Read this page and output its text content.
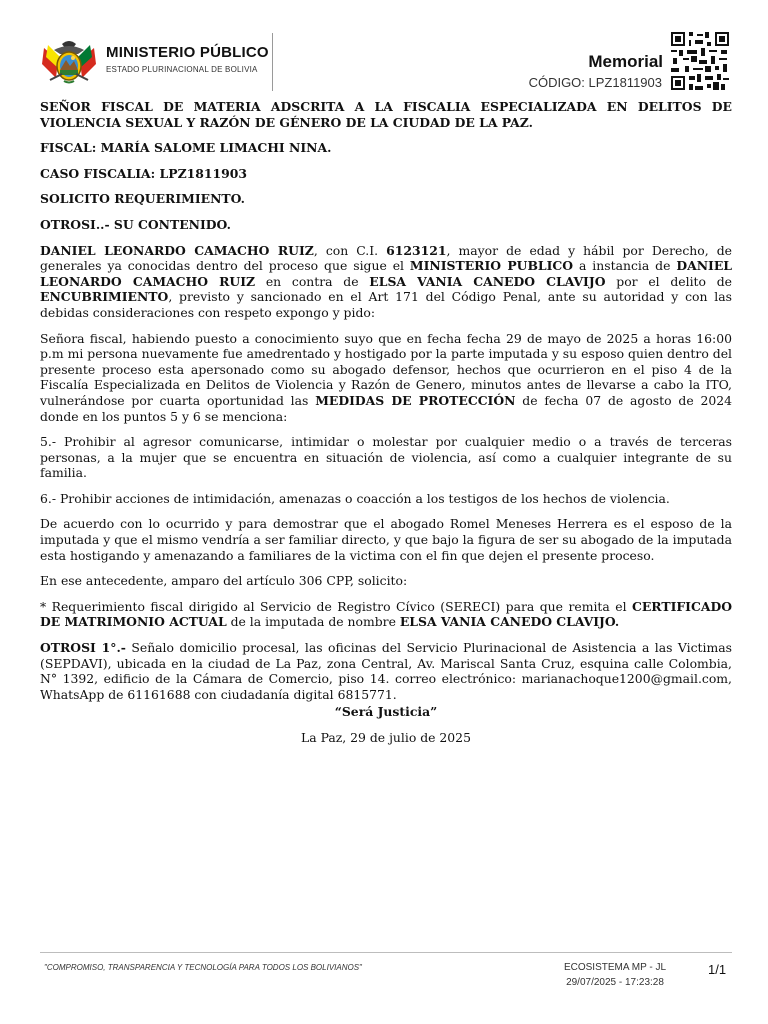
MINISTERIO PÚBLICO
ESTADO PLURINACIONAL DE BOLIVIA	Memorial
CÓDIGO: LPZ1811903

SEÑOR FISCAL DE MATERIA ADSCRITA A LA FISCALIA ESPECIALIZADA EN DELITOS DE VIOLENCIA SEXUAL Y RAZÓN DE GÉNERO DE LA CIUDAD DE LA PAZ.

FISCAL: MARÍA SALOME LIMACHI NINA.

CASO FISCALIA: LPZ1811903

SOLICITO REQUERIMIENTO.

OTROSI..- SU CONTENIDO.

DANIEL LEONARDO CAMACHO RUIZ, con C.I. 6123121, mayor de edad y hábil por Derecho, de generales ya conocidas dentro del proceso que sigue el MINISTERIO PUBLICO a instancia de DANIEL LEONARDO CAMACHO RUIZ en contra de ELSA VANIA CANEDO CLAVIJO por el delito de ENCUBRIMIENTO, previsto y sancionado en el Art 171 del Código Penal, ante su autoridad y con las debidas consideraciones con respeto expongo y pido:

Señora fiscal, habiendo puesto a conocimiento suyo que en fecha fecha 29 de mayo de 2025 a horas 16:00 p.m mi persona nuevamente fue amedrentado y hostigado por la parte imputada y su esposo quien dentro del presente proceso esta apersonado como su abogado defensor, hechos que ocurrieron en el piso 4 de la Fiscalía Especializada en Delitos de Violencia y Razón de Genero, minutos antes de llevarse a cabo la ITO, vulnerándose por cuarta oportunidad las MEDIDAS DE PROTECCIÓN de fecha 07 de agosto de 2024 donde en los puntos 5 y 6 se menciona:

5.- Prohibir al agresor comunicarse, intimidar o molestar por cualquier medio o a través de terceras personas, a la mujer que se encuentra en situación de violencia, así como a cualquier integrante de su familia.

6.- Prohibir acciones de intimidación, amenazas o coacción a los testigos de los hechos de violencia.

De acuerdo con lo ocurrido y para demostrar que el abogado Romel Meneses Herrera es el esposo de la imputada y que el mismo vendría a ser familiar directo, y que bajo la figura de ser su abogado de la imputada esta hostigando y amenazando a familiares de la victima con el fin que dejen el presente proceso.

En ese antecedente, amparo del artículo 306 CPP, solicito:

* Requerimiento fiscal dirigido al Servicio de Registro Cívico (SERECI) para que remita el CERTIFICADO DE MATRIMONIO ACTUAL de la imputada de nombre ELSA VANIA CANEDO CLAVIJO.

OTROSI 1°.- Señalo domicilio procesal, las oficinas del Servicio Plurinacional de Asistencia a las Victimas (SEPDAVI), ubicada en la ciudad de La Paz, zona Central, Av. Mariscal Santa Cruz, esquina calle Colombia, N° 1392, edificio de la Cámara de Comercio, piso 14. correo electrónico: marianachoque1200@gmail.com, WhatsApp de 61161688 con ciudadanía digital 6815771.

“Será Justicia”

La Paz, 29 de julio de 2025

"COMPROMISO, TRANSPARENCIA Y TECNOLOGÍA PARA TODOS LOS BOLIVIANOS"	ECOSISTEMA MP - JL
29/07/2025 - 17:23:28
1/1
